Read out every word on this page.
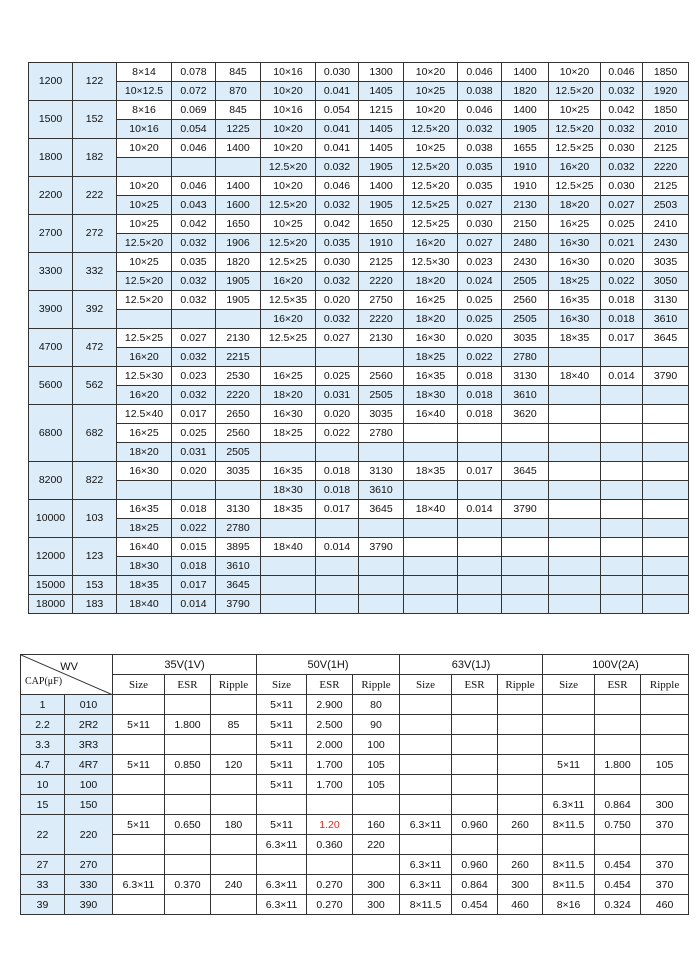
1200	122	8×14	0.078	845	10×16	0.030	1300	10×20	0.046	1400	10×20	0.046	1850
		10×12.5	0.072	870	10×20	0.041	1405	10×25	0.038	1820	12.5×20	0.032	1920
1500	152	8×16	0.069	845	10×16	0.054	1215	10×20	0.046	1400	10×25	0.042	1850
		10×16	0.054	1225	10×20	0.041	1405	12.5×20	0.032	1905	12.5×20	0.032	2010
1800	182	10×20	0.046	1400	10×20	0.041	1405	10×25	0.038	1655	12.5×25	0.030	2125
					12.5×20	0.032	1905	12.5×20	0.035	1910	16×20	0.032	2220
2200	222	10×20	0.046	1400	10×20	0.046	1400	12.5×20	0.035	1910	12.5×25	0.030	2125
		10×25	0.043	1600	12.5×20	0.032	1905	12.5×25	0.027	2130	18×20	0.027	2503
2700	272	10×25	0.042	1650	10×25	0.042	1650	12.5×25	0.030	2150	16×25	0.025	2410
		12.5×20	0.032	1906	12.5×20	0.035	1910	16×20	0.027	2480	16×30	0.021	2430
3300	332	10×25	0.035	1820	12.5×25	0.030	2125	12.5×30	0.023	2430	16×30	0.020	3035
		12.5×20	0.032	1905	16×20	0.032	2220	18×20	0.024	2505	18×25	0.022	3050
3900	392	12.5×20	0.032	1905	12.5×35	0.020	2750	16×25	0.025	2560	16×35	0.018	3130
					16×20	0.032	2220	18×20	0.025	2505	16×30	0.018	3610
4700	472	12.5×25	0.027	2130	12.5×25	0.027	2130	16×30	0.020	3035	18×35	0.017	3645
		16×20	0.032	2215				18×25	0.022	2780			
5600	562	12.5×30	0.023	2530	16×25	0.025	2560	16×35	0.018	3130	18×40	0.014	3790
		16×20	0.032	2220	18×20	0.031	2505	18×30	0.018	3610			
6800	682	12.5×40	0.017	2650	16×30	0.020	3035	16×40	0.018	3620			
		16×25	0.025	2560	18×25	0.022	2780						
		18×20	0.031	2505									
8200	822	16×30	0.020	3035	16×35	0.018	3130	18×35	0.017	3645			
					18×30	0.018	3610						
10000	103	16×35	0.018	3130	18×35	0.017	3645	18×40	0.014	3790			
		18×25	0.022	2780									
12000	123	16×40	0.015	3895	18×40	0.014	3790						
		18×30	0.018	3610									
15000	153	18×35	0.017	3645									
18000	183	18×40	0.014	3790									
WV
CAP(μF)		35V(1V)			50V(1H)			63V(1J)			100V(2A)		
		Size	ESR	Ripple	Size	ESR	Ripple	Size	ESR	Ripple	Size	ESR	Ripple
1	010				5×11	2.900	80						
2.2	2R2	5×11	1.800	85	5×11	2.500	90						
3.3	3R3				5×11	2.000	100						
4.7	4R7	5×11	0.850	120	5×11	1.700	105				5×11	1.800	105
10	100				5×11	1.700	105						
15	150										6.3×11	0.864	300
22	220	5×11	0.650	180	5×11	1.20	160	6.3×11	0.960	260	8×11.5	0.750	370
					6.3×11	0.360	220						
27	270							6.3×11	0.960	260	8×11.5	0.454	370
33	330	6.3×11	0.370	240	6.3×11	0.270	300	6.3×11	0.864	300	8×11.5	0.454	370
39	390				6.3×11	0.270	300	8×11.5	0.454	460	8×16	0.324	460
